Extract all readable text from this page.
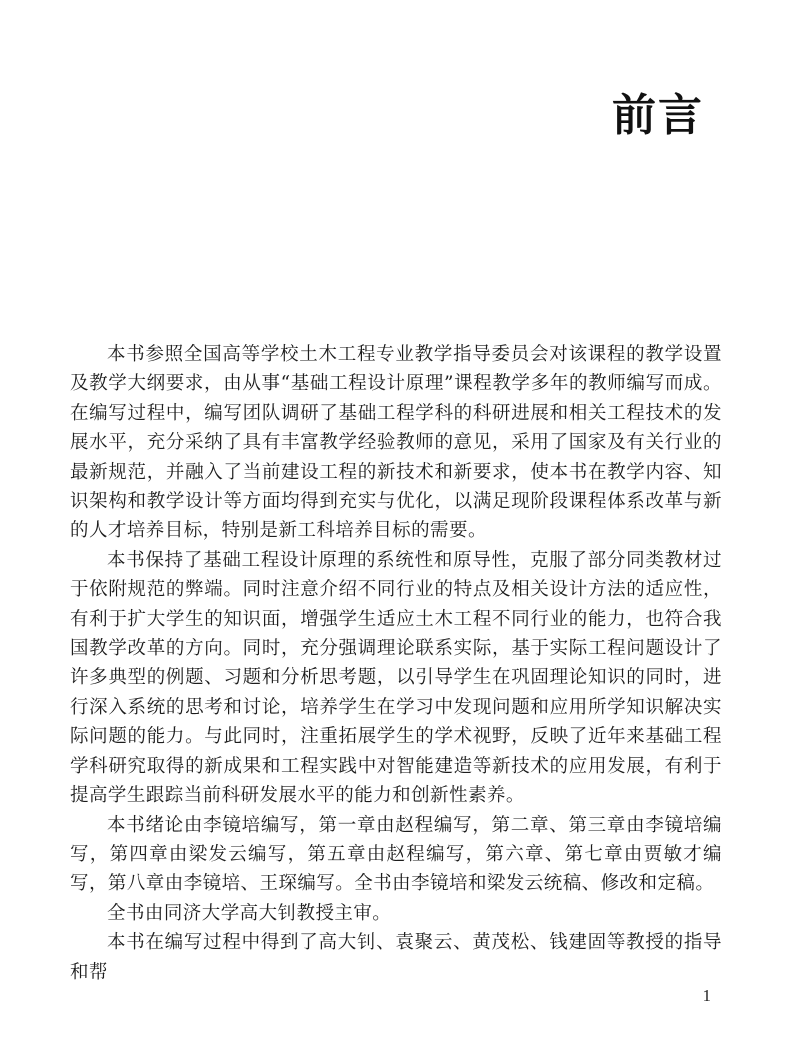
前言

本书参照全国高等学校土木工程专业教学指导委员会对该课程的教学设置及教学大纲要求，由从事“基础工程设计原理”课程教学多年的教师编写而成。在编写过程中，编写团队调研了基础工程学科的科研进展和相关工程技术的发展水平，充分采纳了具有丰富教学经验教师的意见，采用了国家及有关行业的最新规范，并融入了当前建设工程的新技术和新要求，使本书在教学内容、知识架构和教学设计等方面均得到充实与优化，以满足现阶段课程体系改革与新的人才培养目标，特别是新工科培养目标的需要。

本书保持了基础工程设计原理的系统性和原导性，克服了部分同类教材过于依附规范的弊端。同时注意介绍不同行业的特点及相关设计方法的适应性，有利于扩大学生的知识面，增强学生适应土木工程不同行业的能力，也符合我国教学改革的方向。同时，充分强调理论联系实际，基于实际工程问题设计了许多典型的例题、习题和分析思考题，以引导学生在巩固理论知识的同时，进行深入系统的思考和讨论，培养学生在学习中发现问题和应用所学知识解决实际问题的能力。与此同时，注重拓展学生的学术视野，反映了近年来基础工程学科研究取得的新成果和工程实践中对智能建造等新技术的应用发展，有利于提高学生跟踪当前科研发展水平的能力和创新性素养。

本书绪论由李镜培编写，第一章由赵程编写，第二章、第三章由李镜培编写，第四章由梁发云编写，第五章由赵程编写，第六章、第七章由贾敏才编写，第八章由李镜培、王琛编写。全书由李镜培和梁发云统稿、修改和定稿。

全书由同济大学高大钊教授主审。

本书在编写过程中得到了高大钊、袁聚云、黄茂松、钱建固等教授的指导和帮

1
